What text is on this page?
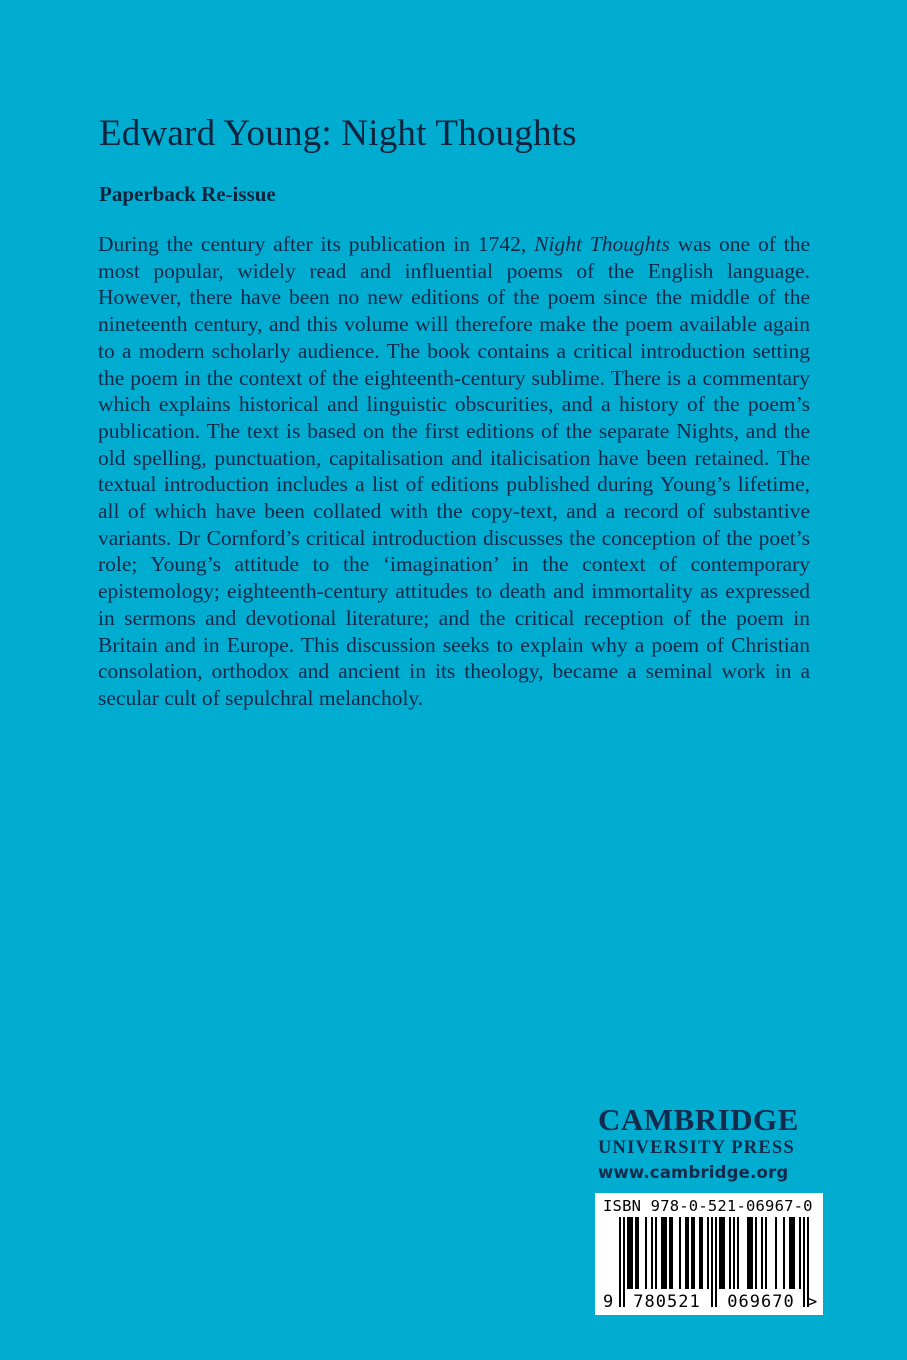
Edward Young: Night Thoughts
Paperback Re-issue

During the century after its publication in 1742, Night Thoughts was one of the most popular, widely read and influential poems of the English language. However, there have been no new editions of the poem since the middle of the nineteenth century, and this volume will therefore make the poem available again to a modern scholarly audience. The book contains a critical introduction setting the poem in the context of the eighteenth-century sublime. There is a commentary which explains historical and linguistic obscurities, and a history of the poem’s publication. The text is based on the first editions of the separate Nights, and the old spelling, punctuation, capitalisation and italicisation have been retained. The textual introduction includes a list of editions published during Young’s lifetime, all of which have been collated with the copy-text, and a record of substantive variants. Dr Cornford’s critical introduction discusses the conception of the poet’s role; Young’s attitude to the ‘imagination’ in the context of contemporary epistemology; eighteenth-century attitudes to death and immortality as expressed in sermons and devotional literature; and the critical reception of the poem in Britain and in Europe. This discussion seeks to explain why a poem of Christian consolation, orthodox and ancient in its theology, became a seminal work in a secular cult of sepulchral melancholy.

CAMBRIDGE
UNIVERSITY PRESS
www.cambridge.org
ISBN 978-0-521-06967-0
9	780521	069670 >
